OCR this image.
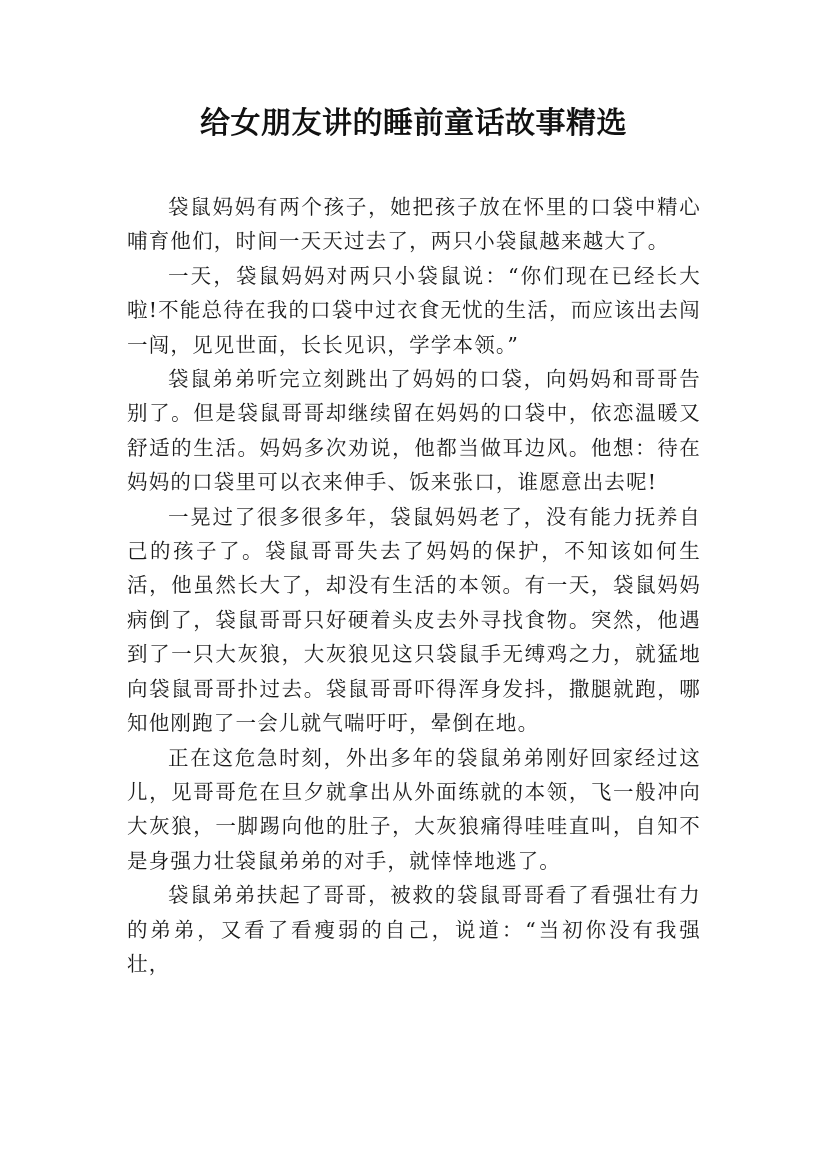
给女朋友讲的睡前童话故事精选

袋鼠妈妈有两个孩子，她把孩子放在怀里的口袋中精心哺育他们，时间一天天过去了，两只小袋鼠越来越大了。

一天，袋鼠妈妈对两只小袋鼠说：“你们现在已经长大啦!不能总待在我的口袋中过衣食无忧的生活，而应该出去闯一闯，见见世面，长长见识，学学本领。”

袋鼠弟弟听完立刻跳出了妈妈的口袋，向妈妈和哥哥告别了。但是袋鼠哥哥却继续留在妈妈的口袋中，依恋温暖又舒适的生活。妈妈多次劝说，他都当做耳边风。他想：待在妈妈的口袋里可以衣来伸手、饭来张口，谁愿意出去呢!

一晃过了很多很多年，袋鼠妈妈老了，没有能力抚养自己的孩子了。袋鼠哥哥失去了妈妈的保护，不知该如何生活，他虽然长大了，却没有生活的本领。有一天，袋鼠妈妈病倒了，袋鼠哥哥只好硬着头皮去外寻找食物。突然，他遇到了一只大灰狼，大灰狼见这只袋鼠手无缚鸡之力，就猛地向袋鼠哥哥扑过去。袋鼠哥哥吓得浑身发抖，撒腿就跑，哪知他刚跑了一会儿就气喘吁吁，晕倒在地。

正在这危急时刻，外出多年的袋鼠弟弟刚好回家经过这儿，见哥哥危在旦夕就拿出从外面练就的本领，飞一般冲向大灰狼，一脚踢向他的肚子，大灰狼痛得哇哇直叫，自知不是身强力壮袋鼠弟弟的对手，就悻悻地逃了。

袋鼠弟弟扶起了哥哥，被救的袋鼠哥哥看了看强壮有力的弟弟，又看了看瘦弱的自己，说道：“当初你没有我强壮，
